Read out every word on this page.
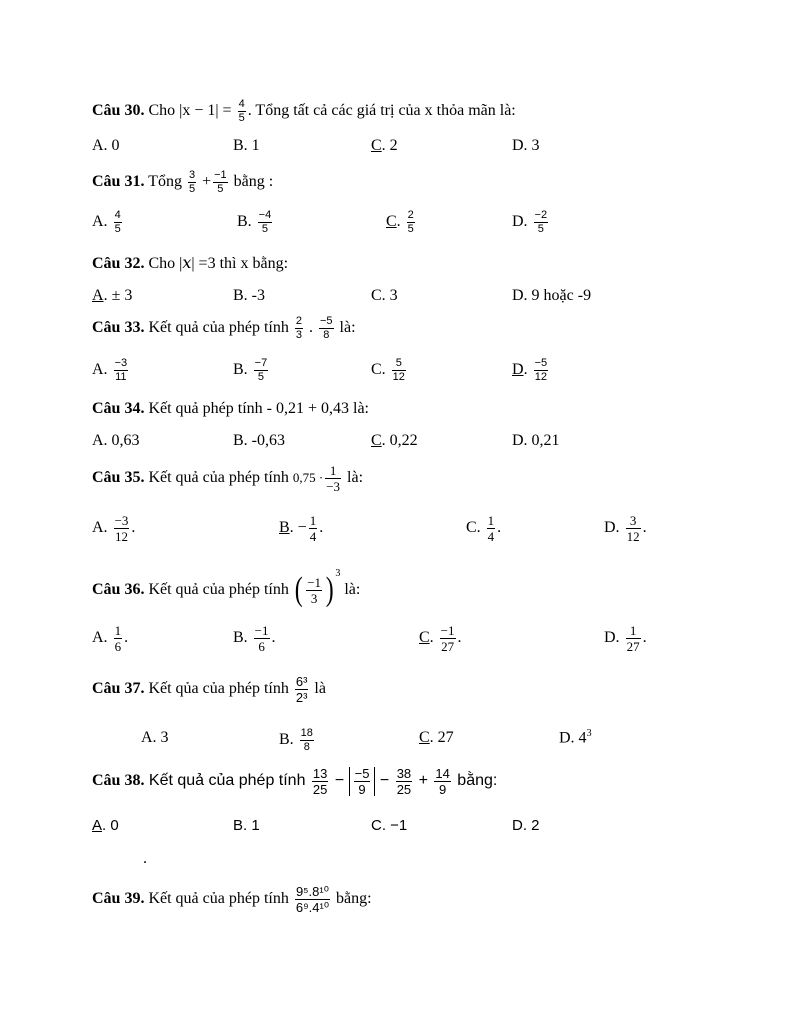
Câu 30. Cho $|x - 1| = \frac{4}{5}$ . Tổng tất cả các giá trị của x thỏa mãn là:
A. 0	B. 1	C. 2	D. 3
Câu 31. Tổng $\frac{3}{5} + \frac{-1}{5}$ bằng :
A. $\frac{4}{5}$	B. $\frac{-4}{5}$	C. $\frac{2}{5}$	D. $\frac{-2}{5}$
Câu 32. Cho |𝑥| =3 thì x bằng:
A. ± 3	B. -3	C. 3	D. 9 hoặc -9
Câu 33. Kết quả của phép tính $\frac{2}{3}$ . $\frac{-5}{8}$ là:
A. $\frac{-3}{11}$	B. $\frac{-7}{5}$	C. $\frac{5}{12}$	D. $\frac{-5}{12}$
Câu 34. Kết quả phép tính - 0,21 + 0,43 là:
A. 0,63	B. -0,63	C. 0,22	D. 0,21
Câu 35. Kết quả của phép tính $0,75 \cdot \frac{1}{-3}$ là:
A. $\frac{-3}{12}$ .	B. − $\frac{1}{4}$ .	C. $\frac{1}{4}$ .	D. $\frac{3}{12}$ .
Câu 36. Kết quả của phép tính ( $\frac{-1}{3}$ ) $^3$ là:
A. $\frac{1}{6}$ .	B. $\frac{-1}{6}$ .	C. $\frac{-1}{27}$ .	D. $\frac{1}{27}$ .
Câu 37. Kết qủa của phép tính $\frac{\text{6³}}{\text{2³}}$ là
A. 3	B. $\frac{18}{8}$	C. 27	D. $4^3$
Câu 38. Kết quả của phép tính $\frac{13}{25} - \frac{-5}{9} - \frac{38}{25} + \frac{14}{9}$ bằng:
A. 0	B. 1	C. −1	D. 2
.
Câu 39. Kết quả của phép tính $\frac{\text{9⁵.8¹⁰}}{\text{6⁹.4¹⁰}}$ bằng:
